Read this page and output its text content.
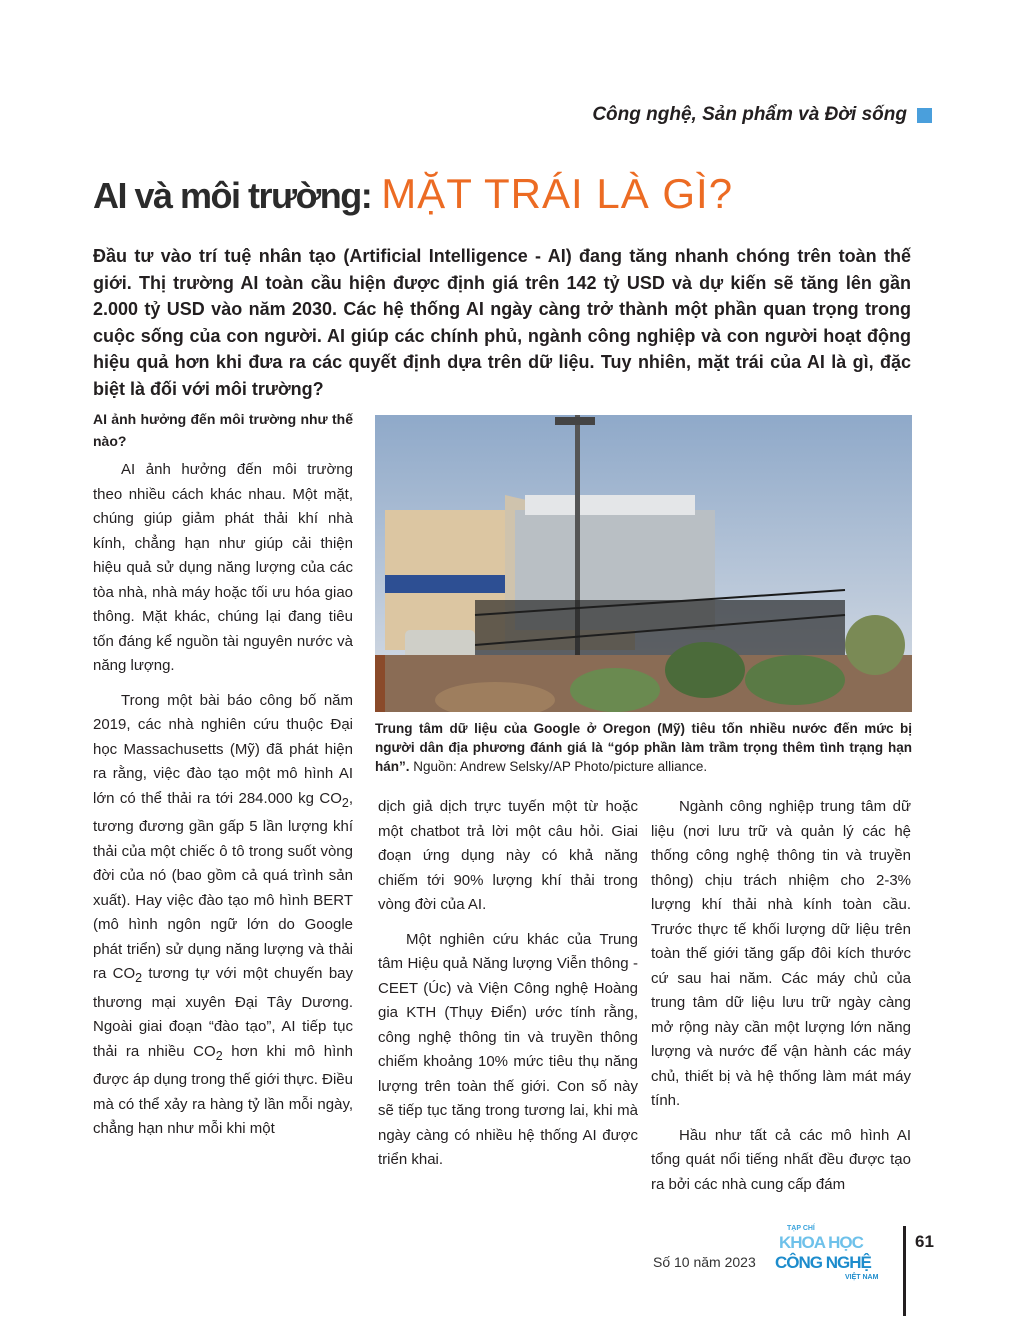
Công nghệ, Sản phẩm và Đời sống
AI và môi trường: MẶT TRÁI LÀ GÌ?
Đầu tư vào trí tuệ nhân tạo (Artificial Intelligence - AI) đang tăng nhanh chóng trên toàn thế giới. Thị trường AI toàn cầu hiện được định giá trên 142 tỷ USD và dự kiến sẽ tăng lên gần 2.000 tỷ USD vào năm 2030. Các hệ thống AI ngày càng trở thành một phần quan trọng trong cuộc sống của con người. AI giúp các chính phủ, ngành công nghiệp và con người hoạt động hiệu quả hơn khi đưa ra các quyết định dựa trên dữ liệu. Tuy nhiên, mặt trái của AI là gì, đặc biệt là đối với môi trường?
AI ảnh hưởng đến môi trường như thế nào?

AI ảnh hưởng đến môi trường theo nhiều cách khác nhau. Một mặt, chúng giúp giảm phát thải khí nhà kính, chẳng hạn như giúp cải thiện hiệu quả sử dụng năng lượng của các tòa nhà, nhà máy hoặc tối ưu hóa giao thông. Mặt khác, chúng lại đang tiêu tốn đáng kể nguồn tài nguyên nước và năng lượng.

Trong một bài báo công bố năm 2019, các nhà nghiên cứu thuộc Đại học Massachusetts (Mỹ) đã phát hiện ra rằng, việc đào tạo một mô hình AI lớn có thể thải ra tới 284.000 kg $CO_2$, tương đương gần gấp 5 lần lượng khí thải của một chiếc ô tô trong suốt vòng đời của nó (bao gồm cả quá trình sản xuất). Hay việc đào tạo mô hình BERT (mô hình ngôn ngữ lớn do Google phát triển) sử dụng năng lượng và thải ra $CO_2$ tương tự với một chuyến bay thương mại xuyên Đại Tây Dương. Ngoài giai đoạn “đào tạo”, AI tiếp tục thải ra nhiều $CO_2$ hơn khi mô hình được áp dụng trong thế giới thực. Điều mà có thể xảy ra hàng tỷ lần mỗi ngày, chẳng hạn như mỗi khi một

Trung tâm dữ liệu của Google ở Oregon (Mỹ) tiêu tốn nhiều nước đến mức bị người dân địa phương đánh giá là “góp phần làm trầm trọng thêm tình trạng hạn hán”. Nguồn: Andrew Selsky/AP Photo/picture alliance.

dịch giả dịch trực tuyến một từ hoặc một chatbot trả lời một câu hỏi. Giai đoạn ứng dụng này có khả năng chiếm tới 90% lượng khí thải trong vòng đời của AI.

Một nghiên cứu khác của Trung tâm Hiệu quả Năng lượng Viễn thông - CEET (Úc) và Viện Công nghệ Hoàng gia KTH (Thụy Điển) ước tính rằng, công nghệ thông tin và truyền thông chiếm khoảng 10% mức tiêu thụ năng lượng trên toàn thế giới. Con số này sẽ tiếp tục tăng trong tương lai, khi mà ngày càng có nhiều hệ thống AI được triển khai.

Ngành công nghiệp trung tâm dữ liệu (nơi lưu trữ và quản lý các hệ thống công nghệ thông tin và truyền thông) chịu trách nhiệm cho 2-3% lượng khí thải nhà kính toàn cầu. Trước thực tế khối lượng dữ liệu trên toàn thế giới tăng gấp đôi kích thước cứ sau hai năm. Các máy chủ của trung tâm dữ liệu lưu trữ ngày càng mở rộng này cần một lượng lớn năng lượng và nước để vận hành các máy chủ, thiết bị và hệ thống làm mát máy tính.

Hầu như tất cả các mô hình AI tổng quát nổi tiếng nhất đều được tạo ra bởi các nhà cung cấp đám

Số 10 năm 2023
TẠP CHÍ
KHOA HỌC
CÔNG NGHỆ
VIỆT NAM
61
